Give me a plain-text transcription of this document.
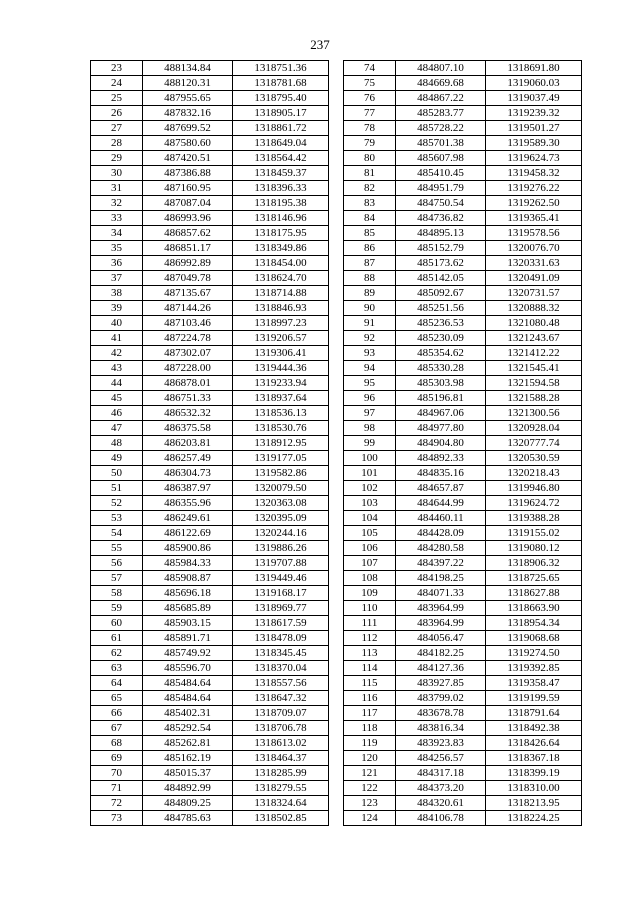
237
23	488134.84	1318751.36
24	488120.31	1318781.68
25	487955.65	1318795.40
26	487832.16	1318905.17
27	487699.52	1318861.72
28	487580.60	1318649.04
29	487420.51	1318564.42
30	487386.88	1318459.37
31	487160.95	1318396.33
32	487087.04	1318195.38
33	486993.96	1318146.96
34	486857.62	1318175.95
35	486851.17	1318349.86
36	486992.89	1318454.00
37	487049.78	1318624.70
38	487135.67	1318714.88
39	487144.26	1318846.93
40	487103.46	1318997.23
41	487224.78	1319206.57
42	487302.07	1319306.41
43	487228.00	1319444.36
44	486878.01	1319233.94
45	486751.33	1318937.64
46	486532.32	1318536.13
47	486375.58	1318530.76
48	486203.81	1318912.95
49	486257.49	1319177.05
50	486304.73	1319582.86
51	486387.97	1320079.50
52	486355.96	1320363.08
53	486249.61	1320395.09
54	486122.69	1320244.16
55	485900.86	1319886.26
56	485984.33	1319707.88
57	485908.87	1319449.46
58	485696.18	1319168.17
59	485685.89	1318969.77
60	485903.15	1318617.59
61	485891.71	1318478.09
62	485749.92	1318345.45
63	485596.70	1318370.04
64	485484.64	1318557.56
65	485484.64	1318647.32
66	485402.31	1318709.07
67	485292.54	1318706.78
68	485262.81	1318613.02
69	485162.19	1318464.37
70	485015.37	1318285.99
71	484892.99	1318279.55
72	484809.25	1318324.64
73	484785.63	1318502.85
74	484807.10	1318691.80
75	484669.68	1319060.03
76	484867.22	1319037.49
77	485283.77	1319239.32
78	485728.22	1319501.27
79	485701.38	1319589.30
80	485607.98	1319624.73
81	485410.45	1319458.32
82	484951.79	1319276.22
83	484750.54	1319262.50
84	484736.82	1319365.41
85	484895.13	1319578.56
86	485152.79	1320076.70
87	485173.62	1320331.63
88	485142.05	1320491.09
89	485092.67	1320731.57
90	485251.56	1320888.32
91	485236.53	1321080.48
92	485230.09	1321243.67
93	485354.62	1321412.22
94	485330.28	1321545.41
95	485303.98	1321594.58
96	485196.81	1321588.28
97	484967.06	1321300.56
98	484977.80	1320928.04
99	484904.80	1320777.74
100	484892.33	1320530.59
101	484835.16	1320218.43
102	484657.87	1319946.80
103	484644.99	1319624.72
104	484460.11	1319388.28
105	484428.09	1319155.02
106	484280.58	1319080.12
107	484397.22	1318906.32
108	484198.25	1318725.65
109	484071.33	1318627.88
110	483964.99	1318663.90
111	483964.99	1318954.34
112	484056.47	1319068.68
113	484182.25	1319274.50
114	484127.36	1319392.85
115	483927.85	1319358.47
116	483799.02	1319199.59
117	483678.78	1318791.64
118	483816.34	1318492.38
119	483923.83	1318426.64
120	484256.57	1318367.18
121	484317.18	1318399.19
122	484373.20	1318310.00
123	484320.61	1318213.95
124	484106.78	1318224.25
